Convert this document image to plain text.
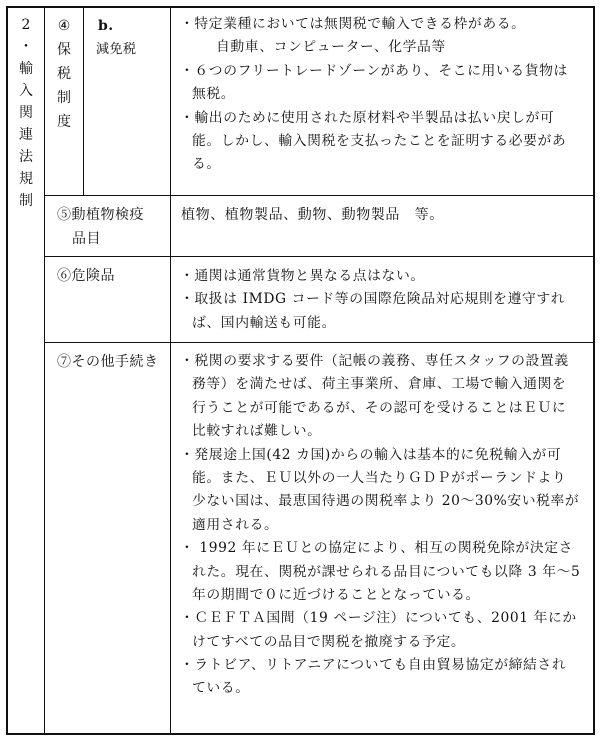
2
・
輸
入
関
連
法
規
制
④
保
税
制
度
b.
減免税
・特定業種においては無関税で輸入できる枠がある。
自動車、コンピューター、化学品等
・６つのフリートレードゾーンがあり、そこに用いる貨物は
無税。
・輸出のために使用された原材料や半製品は払い戻しが可
能。しかし、輸入関税を支払ったことを証明する必要があ
る。
⑤動植物検疫
品目
植物、植物製品、動物、動物製品　等。
⑥危険品	・通関は通常貨物と異なる点はない。
・取扱は IMDG コード等の国際危険品対応規則を遵守すれ
ば、国内輸送も可能。
⑦その他手続き ・税関の要求する要件（記帳の義務、専任スタッフの設置義
務等）を満たせば、荷主事業所、倉庫、工場で輸入通関を
行うことが可能であるが、その認可を受けることはＥＵに
比較すれば難しい。
・発展途上国(42 カ国)からの輸入は基本的に免税輸入が可
能。また、ＥＵ以外の一人当たりＧＤＰがポーランドより
少ない国は、最恵国待遇の関税率より 20～30%安い税率が
適用される。
・ 1992 年にＥＵとの協定により、相互の関税免除が決定さ
れた。現在、関税が課せられる品目についても以降 3 年～5
年の期間で０に近づけることとなっている。
・ＣＥＦＴＡ国間（19 ページ注）についても、2001 年にか
けてすべての品目で関税を撤廃する予定。
・ラトビア、リトアニアについても自由貿易協定が締結され
ている。
